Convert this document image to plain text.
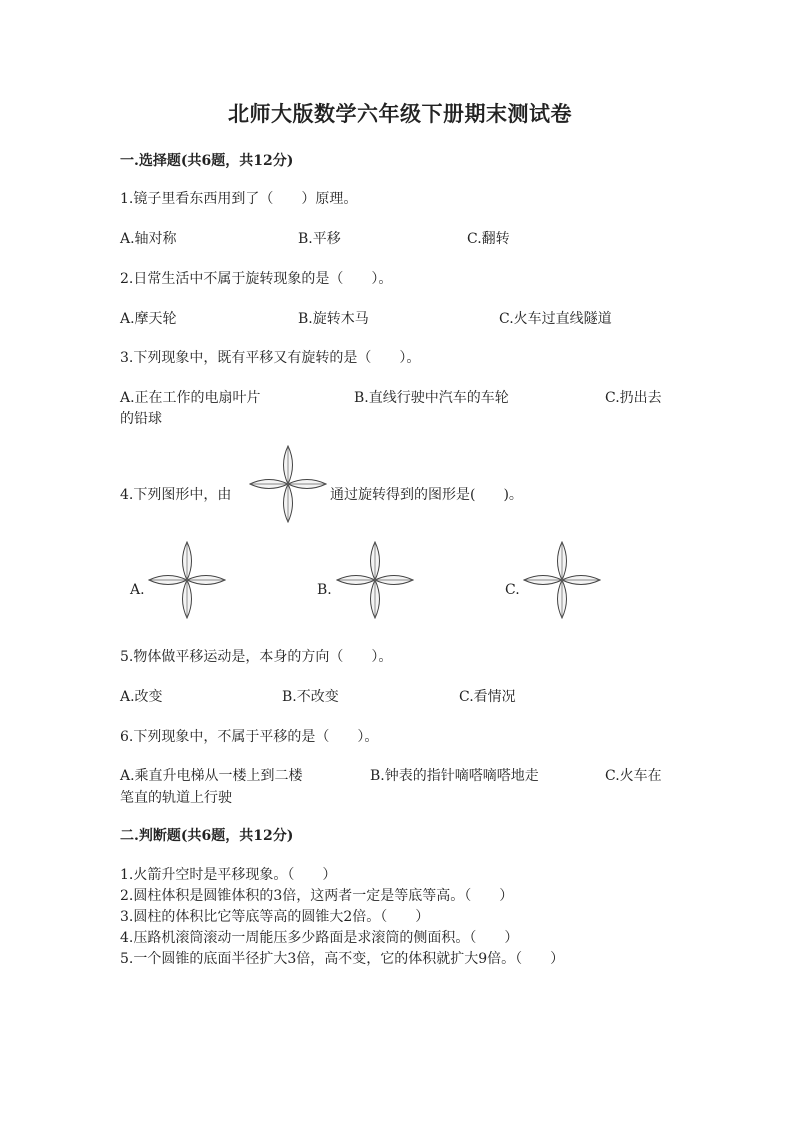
北师大版数学六年级下册期末测试卷
一.选择题(共6题，共12分)
1.镜子里看东西用到了（　　）原理。
A.轴对称	B.平移	C.翻转
2.日常生活中不属于旋转现象的是（　　）。
A.摩天轮	B.旋转木马	C.火车过直线隧道
3.下列现象中，既有平移又有旋转的是（　　）。
A.正在工作的电扇叶片	B.直线行驶中汽车的车轮	C.扔出去
的铅球
4.下列图形中，由	通过旋转得到的图形是(　　)。
A.	B.	C.
5.物体做平移运动是，本身的方向（　　）。
A.改变	B.不改变	C.看情况
6.下列现象中，不属于平移的是（　　）。
A.乘直升电梯从一楼上到二楼	B.钟表的指针嘀嗒嘀嗒地走	C.火车在
笔直的轨道上行驶
二.判断题(共6题，共12分)
1.火箭升空时是平移现象。（　　）
2.圆柱体积是圆锥体积的3倍，这两者一定是等底等高。（　　）
3.圆柱的体积比它等底等高的圆锥大2倍。（　　）
4.压路机滚筒滚动一周能压多少路面是求滚筒的侧面积。（　　）
5.一个圆锥的底面半径扩大3倍，高不变，它的体积就扩大9倍。（　　）
